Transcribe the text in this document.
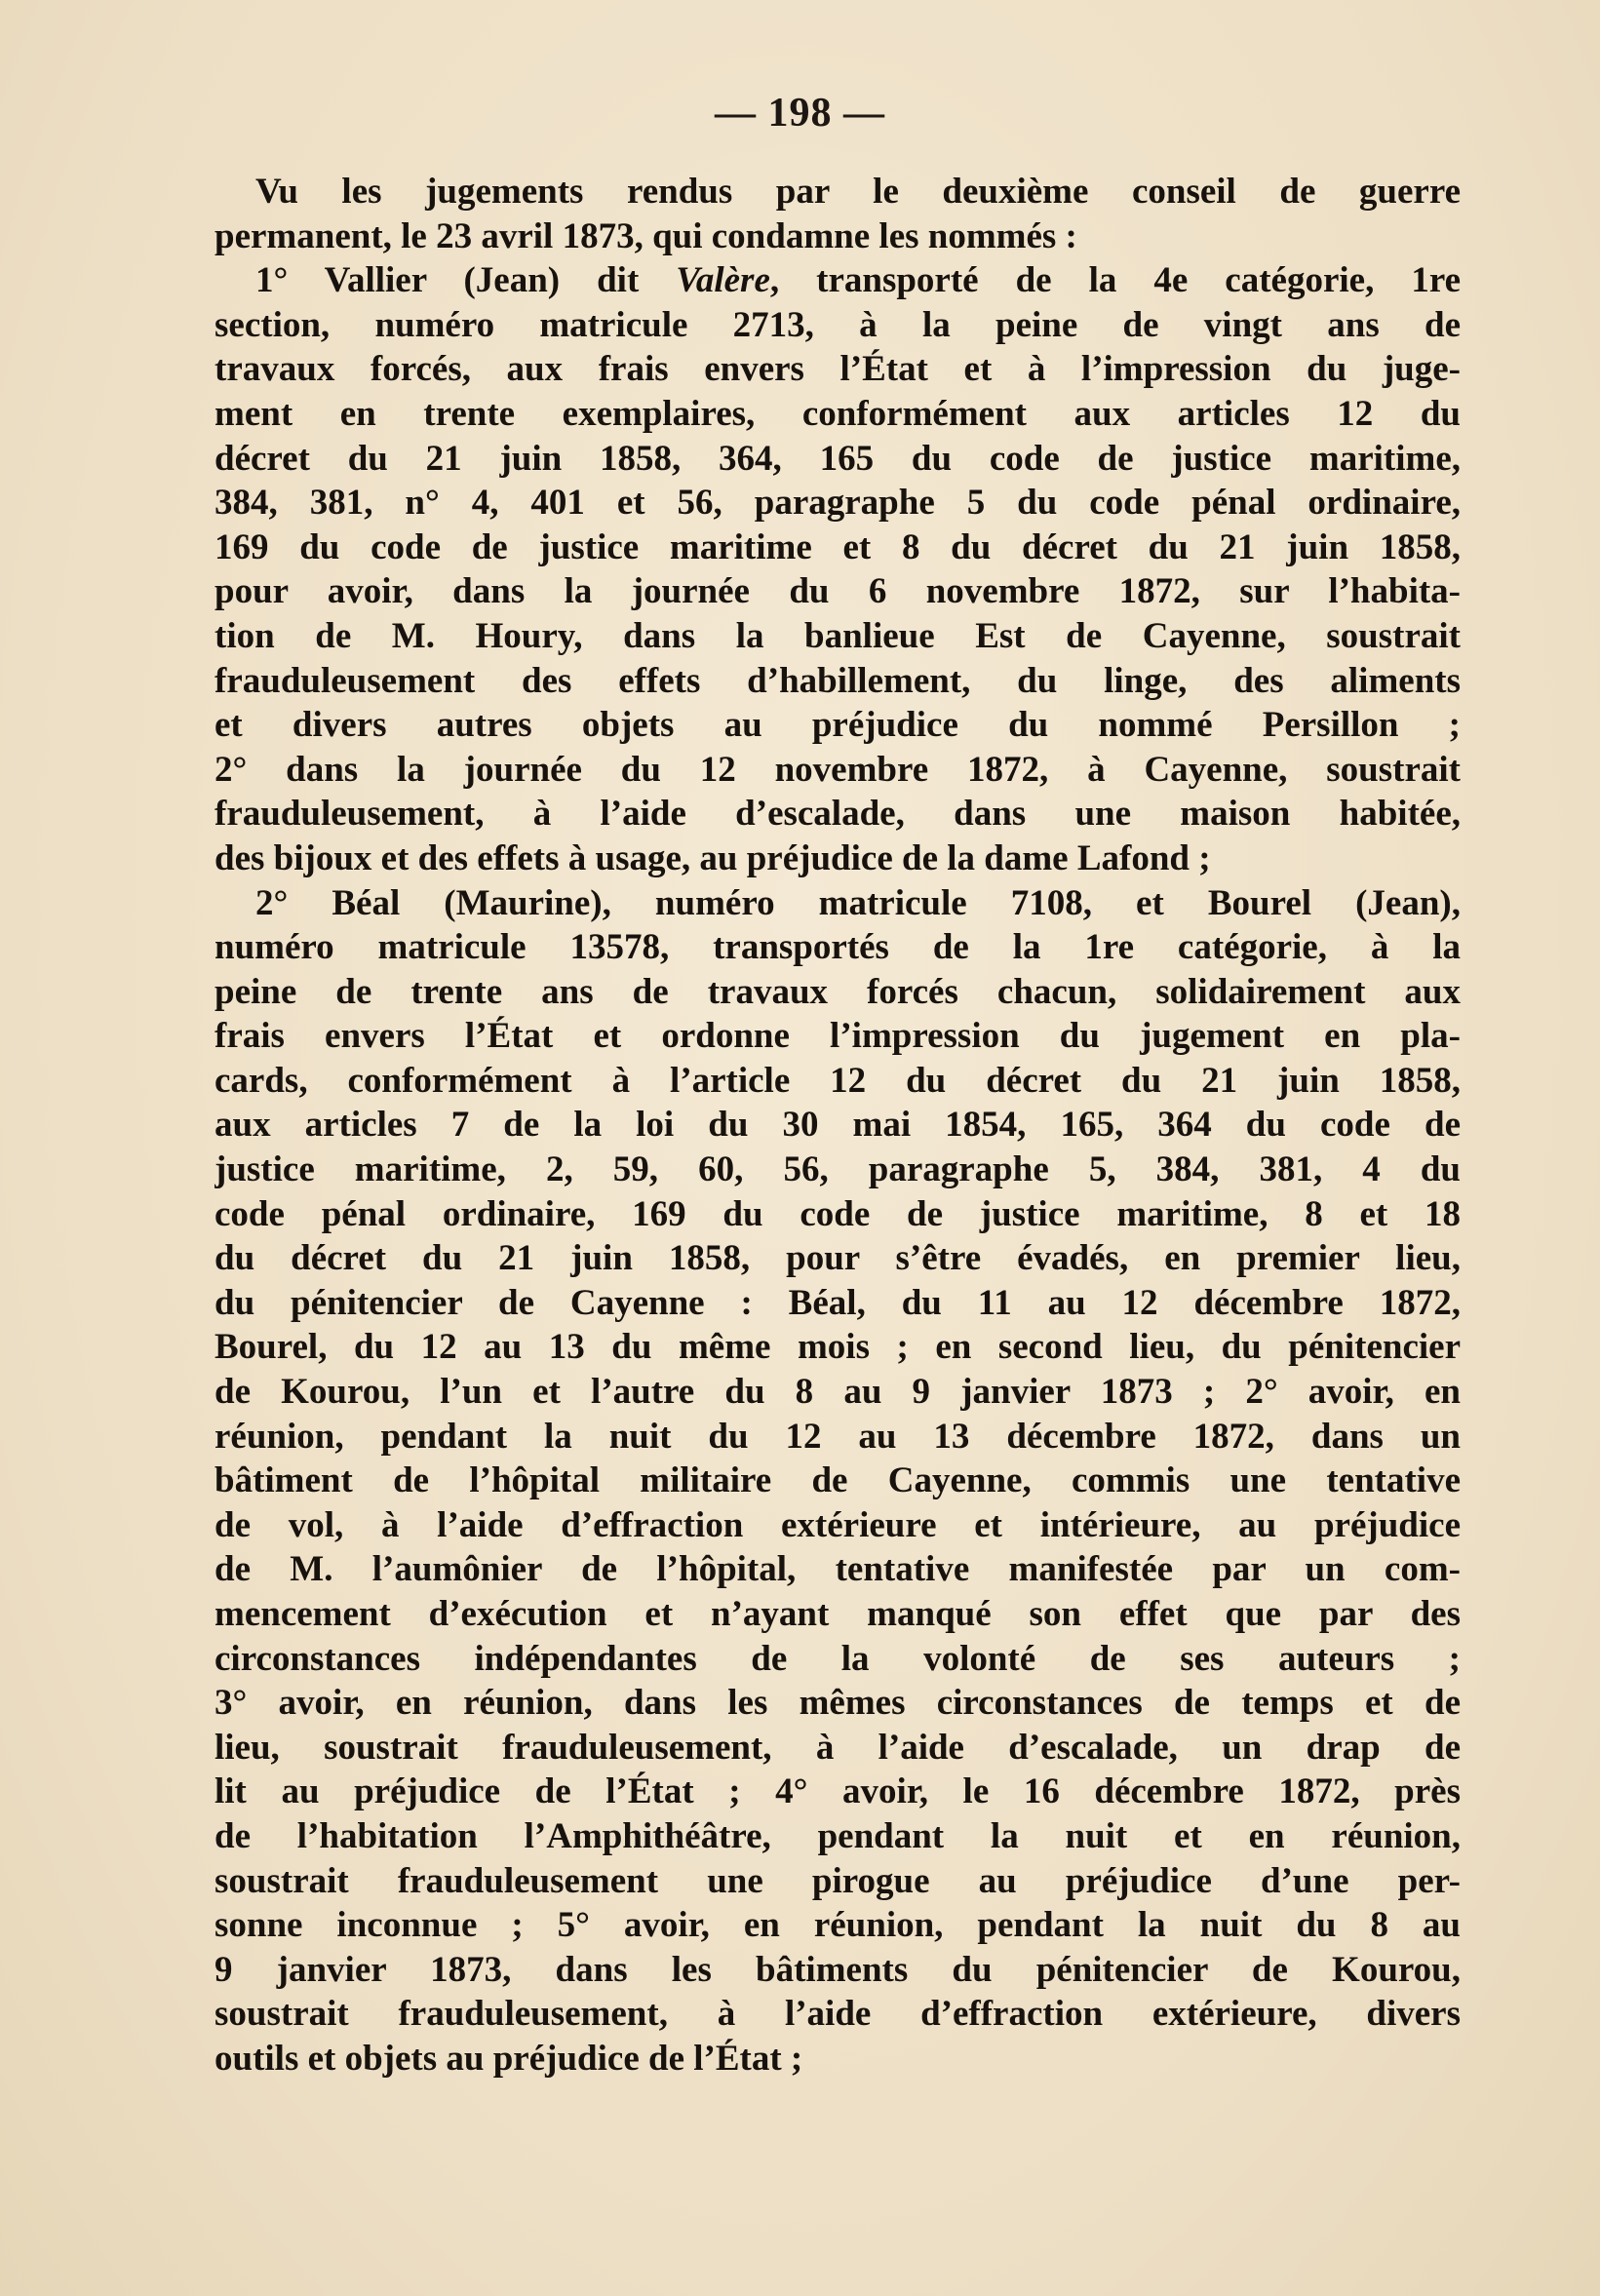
— 198 —
Vu les jugements rendus par le deuxième conseil de guerre
permanent, le 23 avril 1873, qui condamne les nommés :
1° Vallier (Jean) dit Valère, transporté de la 4e catégorie, 1re
section, numéro matricule 2713, à la peine de vingt ans de
travaux forcés, aux frais envers l’État et à l’impression du juge-
ment en trente exemplaires, conformément aux articles 12 du
décret du 21 juin 1858, 364, 165 du code de justice maritime,
384, 381, n° 4, 401 et 56, paragraphe 5 du code pénal ordinaire,
169 du code de justice maritime et 8 du décret du 21 juin 1858,
pour avoir, dans la journée du 6 novembre 1872, sur l’habita-
tion de M. Houry, dans la banlieue Est de Cayenne, soustrait
frauduleusement des effets d’habillement, du linge, des aliments
et divers autres objets au préjudice du nommé Persillon ;
2° dans la journée du 12 novembre 1872, à Cayenne, soustrait
frauduleusement, à l’aide d’escalade, dans une maison habitée,
des bijoux et des effets à usage, au préjudice de la dame Lafond ;
2° Béal (Maurine), numéro matricule 7108, et Bourel (Jean),
numéro matricule 13578, transportés de la 1re catégorie, à la
peine de trente ans de travaux forcés chacun, solidairement aux
frais envers l’État et ordonne l’impression du jugement en pla-
cards, conformément à l’article 12 du décret du 21 juin 1858,
aux articles 7 de la loi du 30 mai 1854, 165, 364 du code de
justice maritime, 2, 59, 60, 56, paragraphe 5, 384, 381, 4 du
code pénal ordinaire, 169 du code de justice maritime, 8 et 18
du décret du 21 juin 1858, pour s’être évadés, en premier lieu,
du pénitencier de Cayenne : Béal, du 11 au 12 décembre 1872,
Bourel, du 12 au 13 du même mois ; en second lieu, du pénitencier
de Kourou, l’un et l’autre du 8 au 9 janvier 1873 ; 2° avoir, en
réunion, pendant la nuit du 12 au 13 décembre 1872, dans un
bâtiment de l’hôpital militaire de Cayenne, commis une tentative
de vol, à l’aide d’effraction extérieure et intérieure, au préjudice
de M. l’aumônier de l’hôpital, tentative manifestée par un com-
mencement d’exécution et n’ayant manqué son effet que par des
circonstances indépendantes de la volonté de ses auteurs ;
3° avoir, en réunion, dans les mêmes circonstances de temps et de
lieu, soustrait frauduleusement, à l’aide d’escalade, un drap de
lit au préjudice de l’État ; 4° avoir, le 16 décembre 1872, près
de l’habitation l’Amphithéâtre, pendant la nuit et en réunion,
soustrait frauduleusement une pirogue au préjudice d’une per-
sonne inconnue ; 5° avoir, en réunion, pendant la nuit du 8 au
9 janvier 1873, dans les bâtiments du pénitencier de Kourou,
soustrait frauduleusement, à l’aide d’effraction extérieure, divers
outils et objets au préjudice de l’État ;
